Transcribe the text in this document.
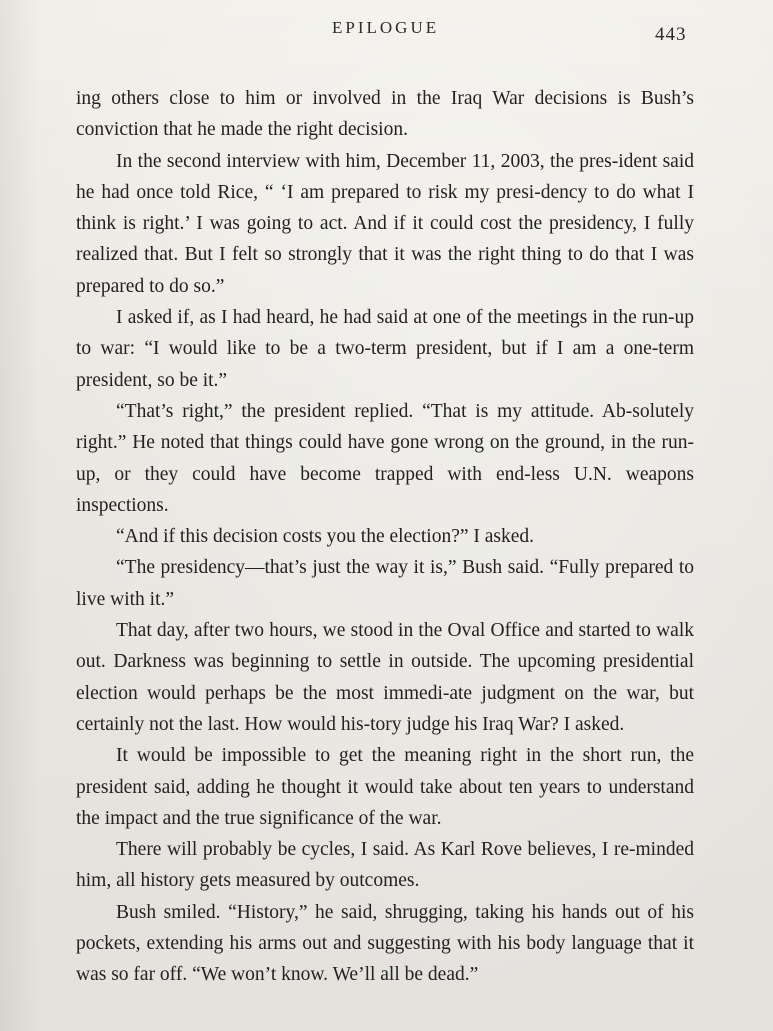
EPILOGUE	443

ing others close to him or involved in the Iraq War decisions is Bush’s conviction that he made the right decision.

In the second interview with him, December 11, 2003, the pres-ident said he had once told Rice, “ ‘I am prepared to risk my presi-dency to do what I think is right.’ I was going to act. And if it could cost the presidency, I fully realized that. But I felt so strongly that it was the right thing to do that I was prepared to do so.”

I asked if, as I had heard, he had said at one of the meetings in the run-up to war: “I would like to be a two-term president, but if I am a one-term president, so be it.”

“That’s right,” the president replied. “That is my attitude. Ab-solutely right.” He noted that things could have gone wrong on the ground, in the run-up, or they could have become trapped with end-less U.N. weapons inspections.

“And if this decision costs you the election?” I asked.

“The presidency—that’s just the way it is,” Bush said. “Fully prepared to live with it.”

That day, after two hours, we stood in the Oval Office and started to walk out. Darkness was beginning to settle in outside. The upcoming presidential election would perhaps be the most immedi-ate judgment on the war, but certainly not the last. How would his-tory judge his Iraq War? I asked.

It would be impossible to get the meaning right in the short run, the president said, adding he thought it would take about ten years to understand the impact and the true significance of the war.

There will probably be cycles, I said. As Karl Rove believes, I re-minded him, all history gets measured by outcomes.

Bush smiled. “History,” he said, shrugging, taking his hands out of his pockets, extending his arms out and suggesting with his body language that it was so far off. “We won’t know. We’ll all be dead.”
